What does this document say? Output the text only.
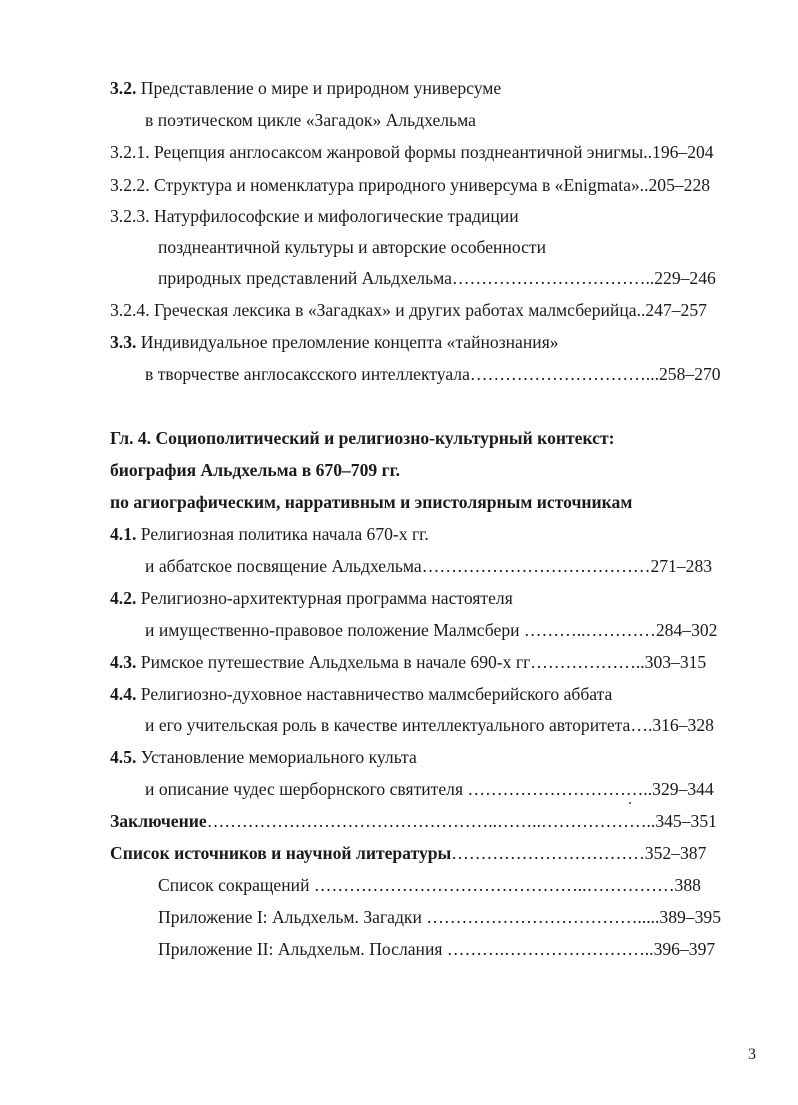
3.2. Представление о мире и природном универсуме
в поэтическом цикле «Загадок» Альдхельма
3.2.1. Рецепция англосаксом жанровой формы позднеантичной энигмы..196–204
3.2.2. Структура и номенклатура природного универсума в «Enigmata»..205–228
3.2.3. Натурфилософские и мифологические традиции
позднеантичной культуры и авторские особенности
природных представлений Альдхельма……………………………..229–246
3.2.4. Греческая лексика в «Загадках» и других работах малмсберийца..247–257
3.3. Индивидуальное преломление концепта «тайнознания»
в творчестве англосаксского интеллектуала…………………………...258–270
Гл. 4. Социополитический и религиозно-культурный контекст:
биография Альдхельма в 670–709 гг.
по агиографическим, нарративным и эпистолярным источникам
4.1. Религиозная политика начала 670-х гг.
и аббатское посвящение Альдхельма…………………………………271–283
4.2. Религиозно-архитектурная программа настоятеля
и имущественно-правовое положение Малмсбери ………..…………284–302
4.3. Римское путешествие Альдхельма в начале 690-х гг………………..303–315
4.4. Религиозно-духовное наставничество малмсберийского аббата
и его учительская роль в качестве интеллектуального авторитета….316–328
4.5. Установление мемориального культа
и описание чудес шерборнского святителя …………………………..329–344
Заключение…………………………………………..……..………………..345–351
Список источников и научной литературы……………………………352–387
Список сокращений ………………………………………..……………388
Приложение I: Альдхельм. Загадки ……………………………….....389–395
Приложение II: Альдхельм. Послания ……….……………………..396–397
3
